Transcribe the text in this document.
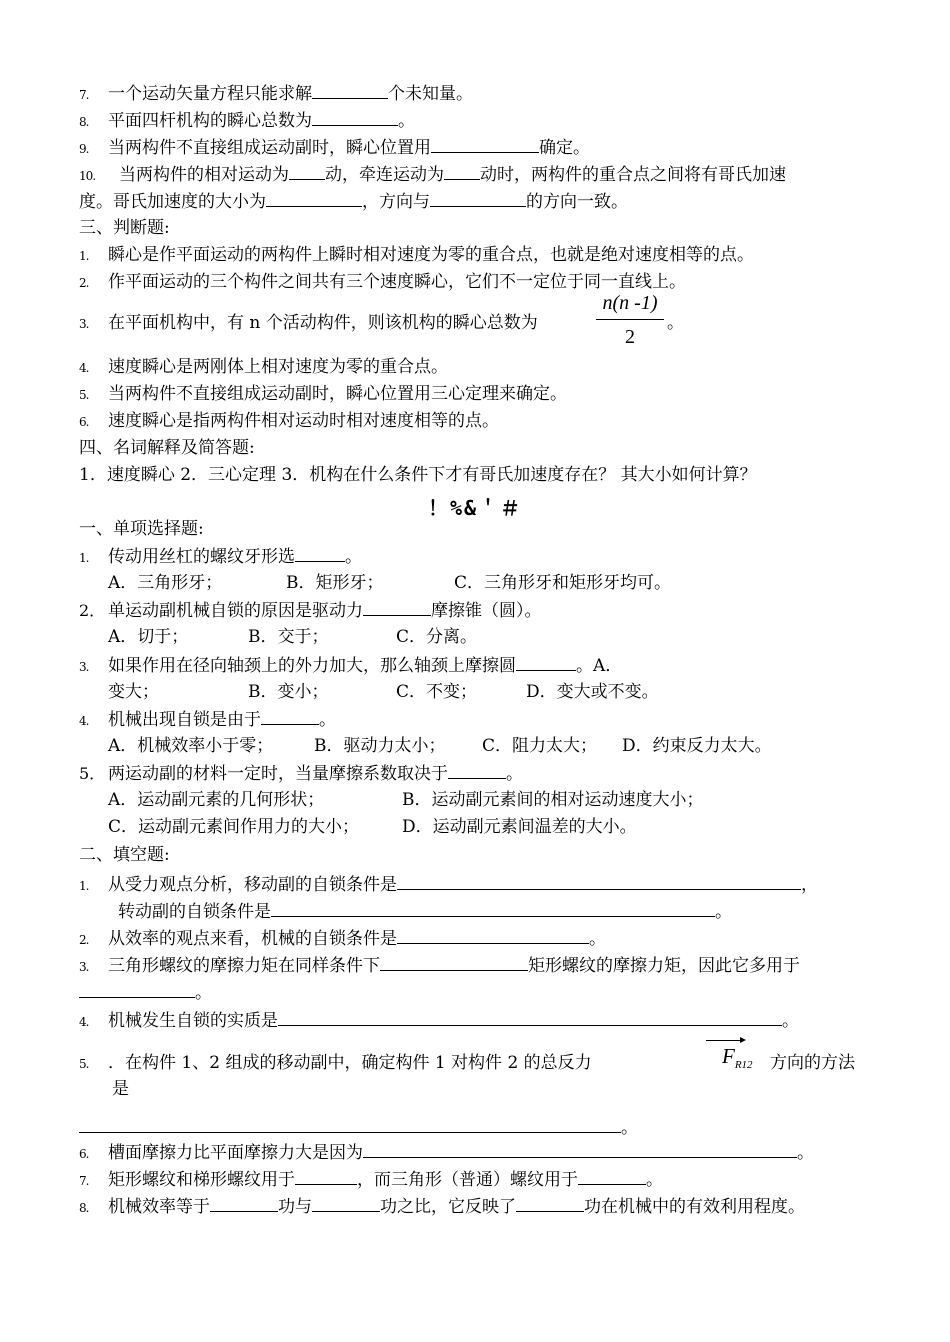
7. 一个运动矢量方程只能求解	个未知量。
8. 平面四杆机构的瞬心总数为	。
9. 当两构件不直接组成运动副时，瞬心位置用	确定。
10. 当两构件的相对运动为 动，牵连运动为 动时，两构件的重合点之间将有哥氏加速
度。哥氏加速度的大小为	，方向与	的方向一致。
三、判断题:
1. 瞬心是作平面运动的两构件上瞬时相对速度为零的重合点，也就是绝对速度相等的点。
2. 作平面运动的三个构件之间共有三个速度瞬心，它们不一定位于同一直线上。
3. 在平面机构中，有 n 个活动构件，则该机构的瞬心总数为	$\frac{n(n -1)}{2}$ 。
4. 速度瞬心是两刚体上相对速度为零的重合点。
5. 当两构件不直接组成运动副时，瞬心位置用三心定理来确定。
6. 速度瞬心是指两构件相对运动时相对速度相等的点。
四、名词解释及简答题:
1．速度瞬心 2．三心定理 3．机构在什么条件下才有哥氏加速度存在？ 其大小如何计算？
！%&＇＃
一、单项选择题:
1. 传动用丝杠的螺纹牙形选	。
A．三角形牙；	B．矩形牙；	C．三角形牙和矩形牙均可。
2． 单运动副机械自锁的原因是驱动力	摩擦锥（圆）。
A．切于；	B．交于；	C．分离。
3. 如果作用在径向轴颈上的外力加大，那么轴颈上摩擦圆	。A．
变大；	B．变小；	C．不变；	D．变大或不变。
4. 机械出现自锁是由于	。
A．机械效率小于零； B．驱动力太小； C．阻力太大； D．约束反力太大。
5． 两运动副的材料一定时，当量摩擦系数取决于	。
A．运动副元素的几何形状；	B．运动副元素间的相对运动速度大小；
C．运动副元素间作用力的大小；	D．运动副元素间温差的大小。
二、填空题:
1. 从受力观点分析，移动副的自锁条件是	，
转动副的自锁条件是	。
2. 从效率的观点来看，机械的自锁条件是	。
3. 三角形螺纹的摩擦力矩在同样条件下	矩形螺纹的摩擦力矩，因此它多用于
。
4. 机械发生自锁的实质是	。
5. ．在构件 1、2 组成的移动副中，确定构件 1 对构件 2 的总反力	$F_{R12}$ 方向的方法
是
。
6. 槽面摩擦力比平面摩擦力大是因为	。
7. 矩形螺纹和梯形螺纹用于	，而三角形（普通）螺纹用于	。
8. 机械效率等于	功与	功之比，它反映了	功在机械中的有效利用程度。
